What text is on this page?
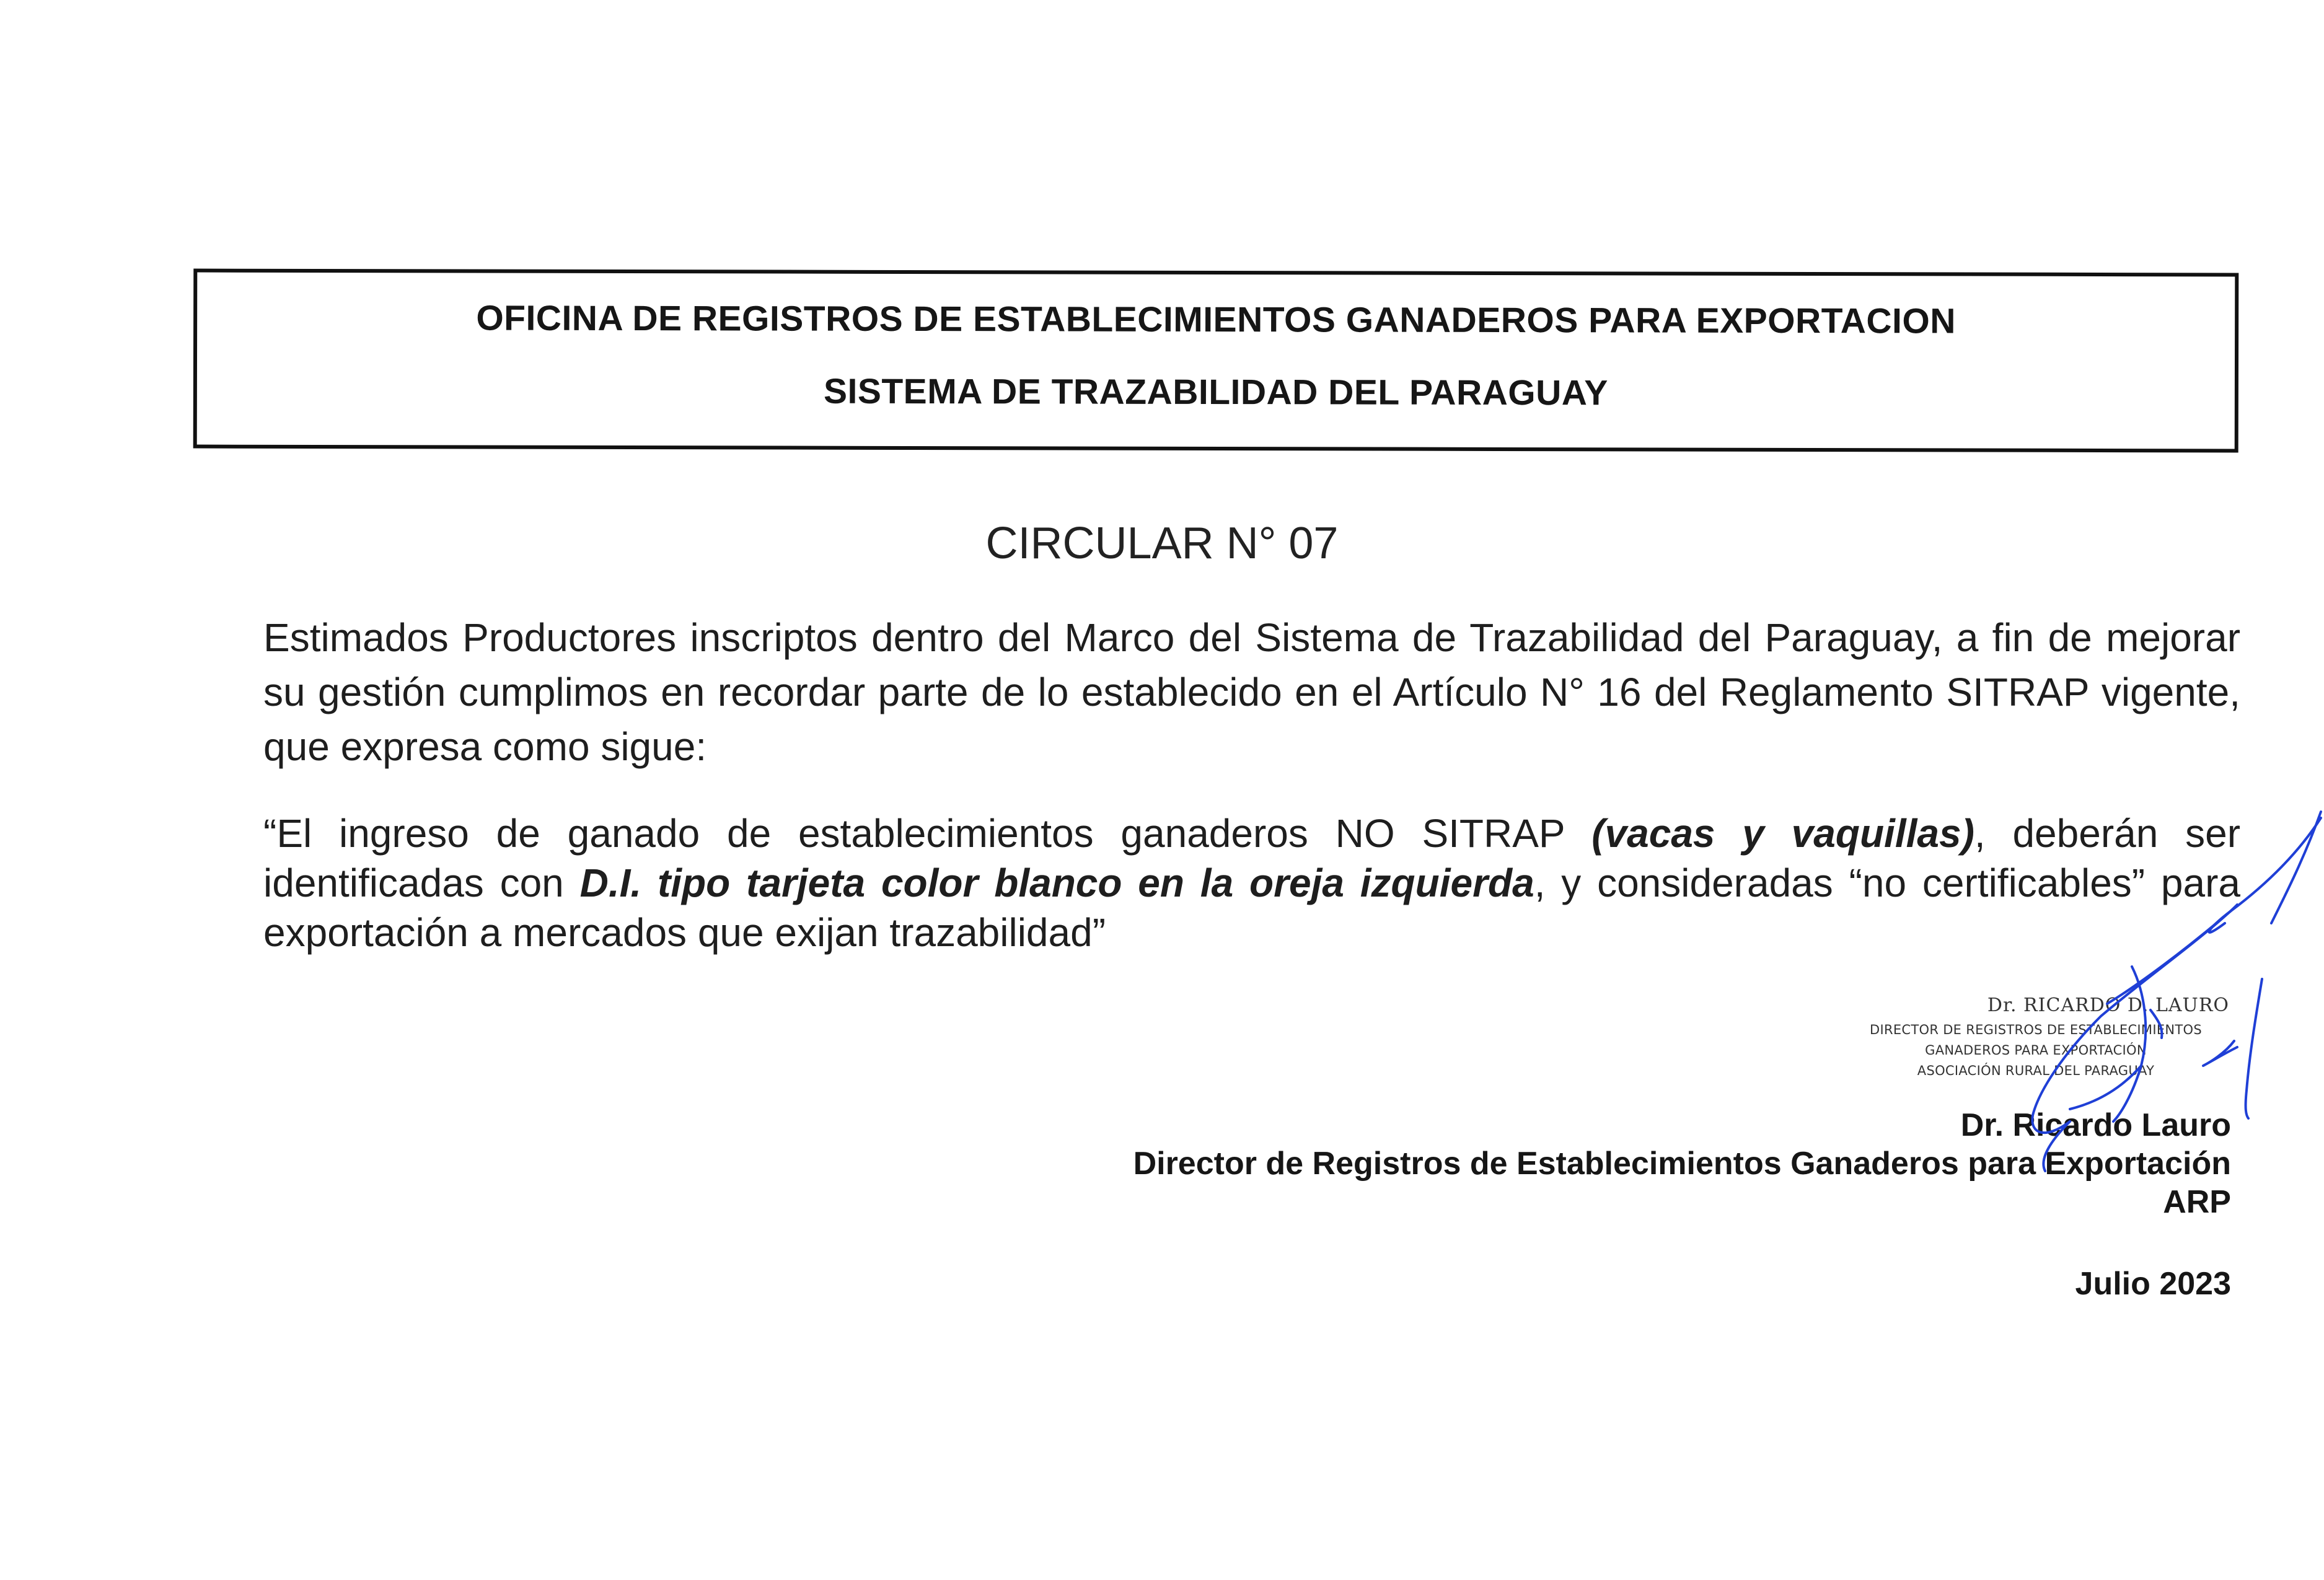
OFICINA DE REGISTROS DE ESTABLECIMIENTOS GANADEROS PARA EXPORTACION
SISTEMA DE TRAZABILIDAD DEL PARAGUAY
CIRCULAR N° 07
Estimados Productores inscriptos dentro del Marco del Sistema de Trazabilidad del Paraguay, a fin de mejorar su gestión cumplimos en recordar parte de lo establecido en el Artículo N° 16 del Reglamento SITRAP vigente, que expresa como sigue:
“El ingreso de ganado de establecimientos ganaderos NO SITRAP (vacas y vaquillas), deberán ser identificadas con D.I. tipo tarjeta color blanco en la oreja izquierda, y consideradas “no certificables” para exportación a mercados que exijan trazabilidad”
Dr. RICARDO D. LAURO
DIRECTOR DE REGISTROS DE ESTABLECIMIENTOS
GANADEROS PARA EXPORTACIÓN
ASOCIACIÓN RURAL DEL PARAGUAY
Dr. Ricardo Lauro
Director de Registros de Establecimientos Ganaderos para Exportación
ARP
Julio 2023
